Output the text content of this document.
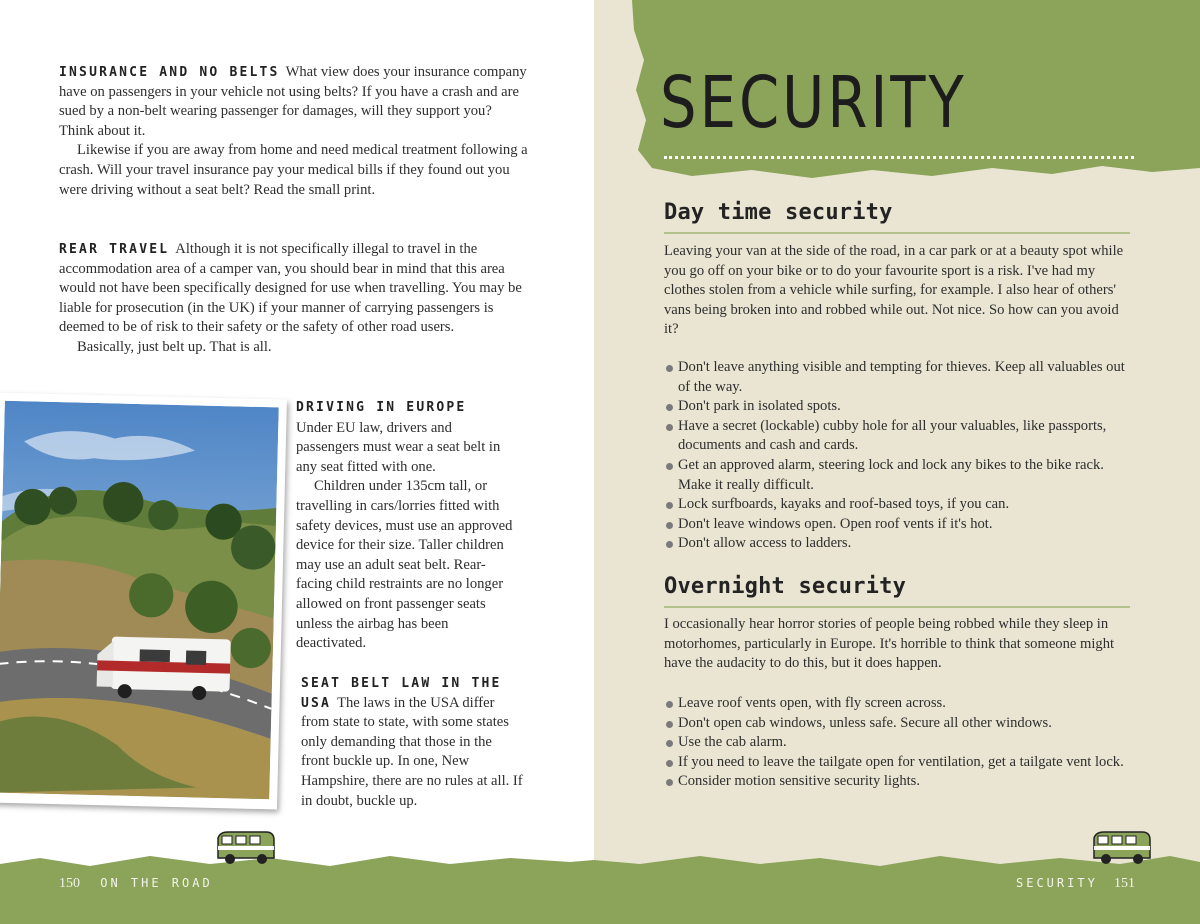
INSURANCE AND NO BELTS What view does your insurance company have on passengers in your vehicle not using belts? If you have a crash and are sued by a non-belt wearing passenger for damages, will they support you? Think about it.

Likewise if you are away from home and need medical treatment following a crash. Will your travel insurance pay your medical bills if they found out you were driving without a seat belt? Read the small print.

REAR TRAVEL Although it is not specifically illegal to travel in the accommodation area of a camper van, you should bear in mind that this area would not have been specifically designed for use when travelling. You may be liable for prosecution (in the UK) if your manner of carrying passengers is deemed to be of risk to their safety or the safety of other road users.

Basically, just belt up. That is all.

DRIVING IN EUROPE

Under EU law, drivers and passengers must wear a seat belt in any seat fitted with one.

Children under 135cm tall, or travelling in cars/lorries fitted with safety devices, must use an approved device for their size. Taller children may use an adult seat belt. Rear-facing child restraints are no longer allowed on front passenger seats unless the airbag has been deactivated.

SEAT BELT LAW IN THE USA The laws in the USA differ from state to state, with some states only demanding that those in the front buckle up. In one, New Hampshire, there are no rules at all. If in doubt, buckle up.

SECURITY
Day time security

Leaving your van at the side of the road, in a car park or at a beauty spot while you go off on your bike or to do your favourite sport is a risk. I've had my clothes stolen from a vehicle while surfing, for example. I also hear of others' vans being broken into and robbed while out. Not nice. So how can you avoid it?

Don't leave anything visible and tempting for thieves. Keep all valuables out of the way.
Don't park in isolated spots.
Have a secret (lockable) cubby hole for all your valuables, like passports, documents and cash and cards.
Get an approved alarm, steering lock and lock any bikes to the bike rack. Make it really difficult.
Lock surfboards, kayaks and roof-based toys, if you can.
Don't leave windows open. Open roof vents if it's hot.
Don't allow access to ladders.
Overnight security

I occasionally hear horror stories of people being robbed while they sleep in motorhomes, particularly in Europe. It's horrible to think that someone might have the audacity to do this, but it does happen.

Leave roof vents open, with fly screen across.
Don't open cab windows, unless safe. Secure all other windows.
Use the cab alarm.
If you need to leave the tailgate open for ventilation, get a tailgate vent lock.
Consider motion sensitive security lights.
150 ON THE ROAD	SECURITY 151
